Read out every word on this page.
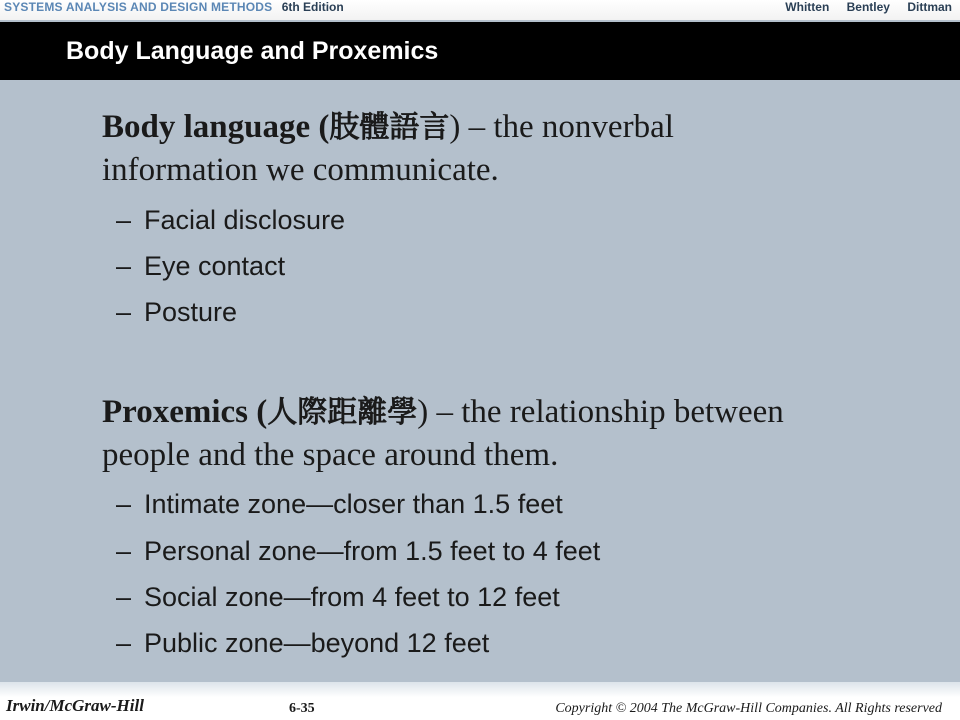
SYSTEMS ANALYSIS AND DESIGN METHODS 6th Edition	Whitten Bentley Dittman
Body Language and Proxemics
Body language (肢體語言) – the nonverbal
information we communicate.
– Facial disclosure
– Eye contact
– Posture
Proxemics (人際距離學) – the relationship between
people and the space around them.
– Intimate zone—closer than 1.5 feet
– Personal zone—from 1.5 feet to 4 feet
– Social zone—from 4 feet to 12 feet
– Public zone—beyond 12 feet
Irwin/McGraw-Hill	6-35	Copyright © 2004 The McGraw-Hill Companies. All Rights reserved
